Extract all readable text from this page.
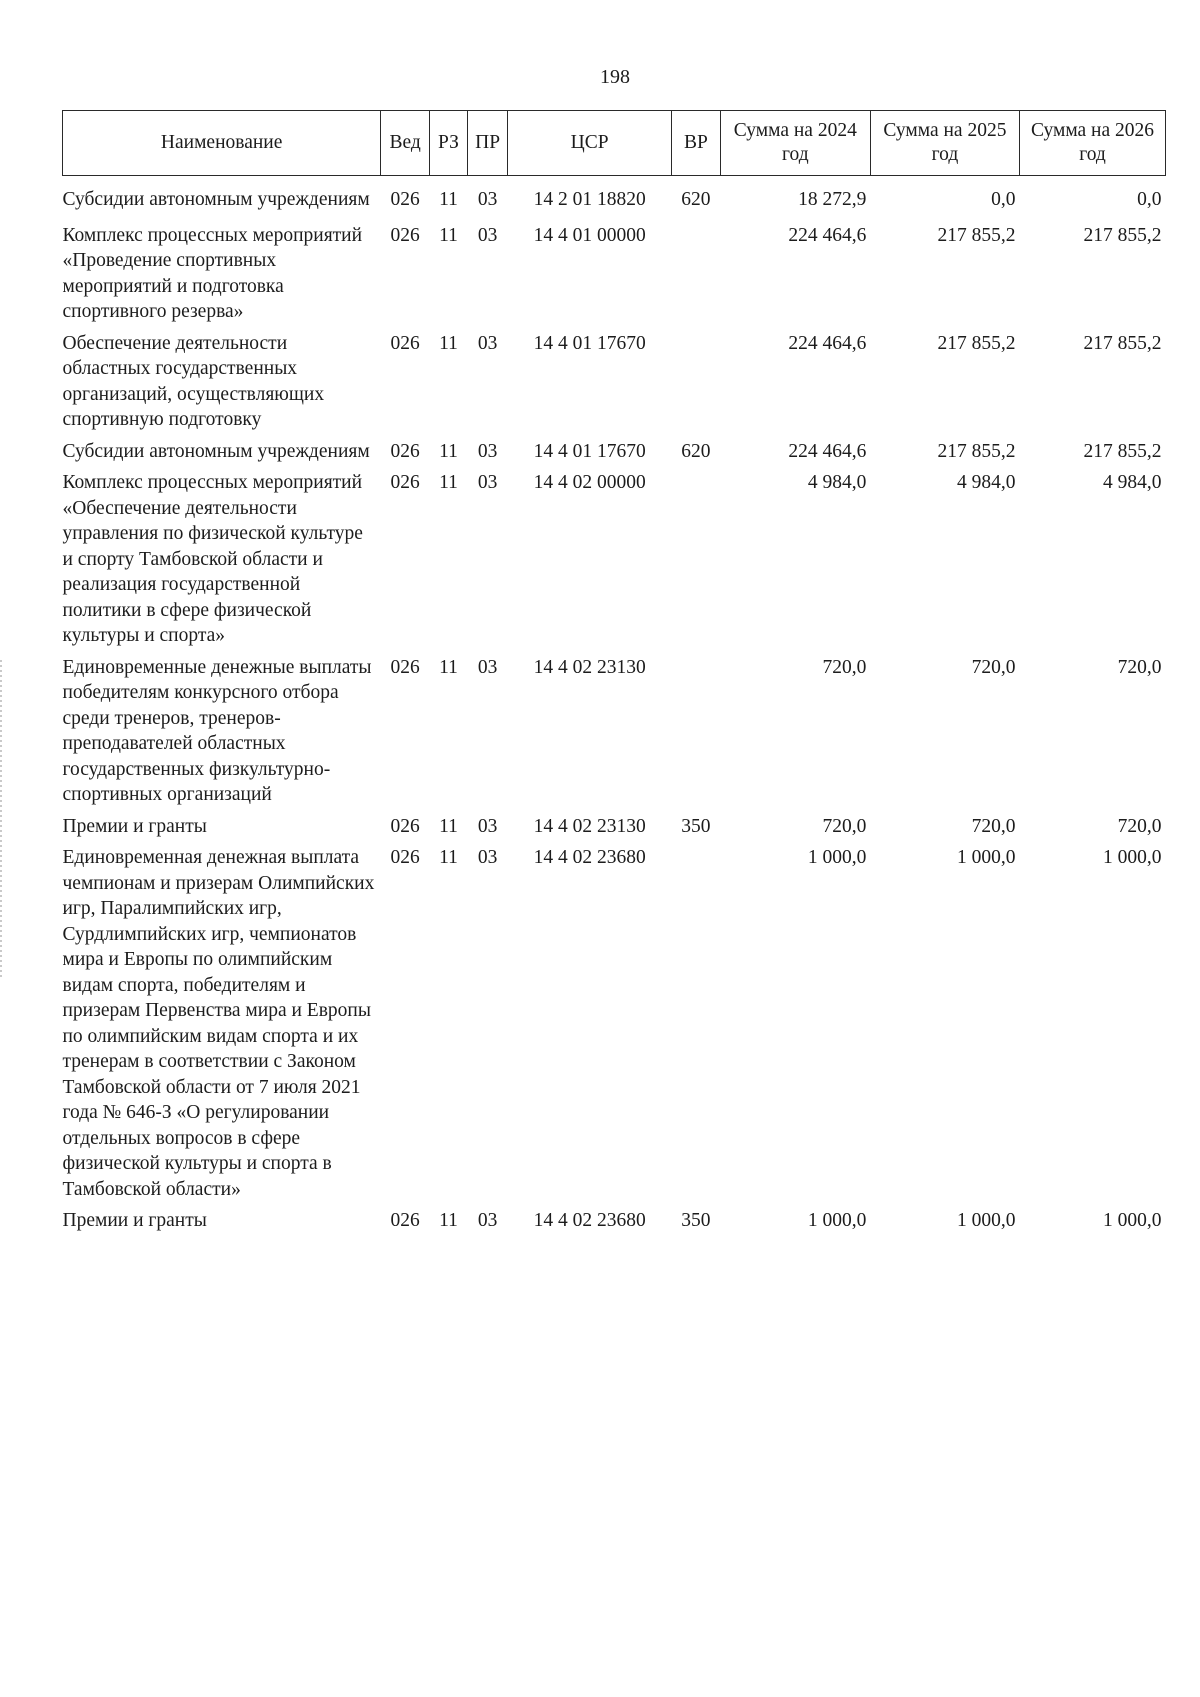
198
Наименование	Вед	РЗ	ПР	ЦСР	ВР	Сумма на 2024 год	Сумма на 2025 год	Сумма на 2026 год
Субсидии автономным учреждениям	026	11	03	14 2 01 18820	620	18 272,9	0,0	0,0
Комплекс процессных мероприятий «Проведение спортивных мероприятий и подготовка спортивного резерва»	026	11	03	14 4 01 00000		224 464,6	217 855,2	217 855,2
Обеспечение деятельности областных государственных организаций, осуществляющих спортивную подготовку	026	11	03	14 4 01 17670		224 464,6	217 855,2	217 855,2
Субсидии автономным учреждениям	026	11	03	14 4 01 17670	620	224 464,6	217 855,2	217 855,2
Комплекс процессных мероприятий «Обеспечение деятельности управления по физической культуре и спорту Тамбовской области и реализация государственной политики в сфере физической культуры и спорта»	026	11	03	14 4 02 00000		4 984,0	4 984,0	4 984,0
Единовременные денежные выплаты победителям конкурсного отбора среди тренеров, тренеров-преподавателей областных государственных физкультурно-спортивных организаций	026	11	03	14 4 02 23130		720,0	720,0	720,0
Премии и гранты	026	11	03	14 4 02 23130	350	720,0	720,0	720,0
Единовременная денежная выплата чемпионам и призерам Олимпийских игр, Паралимпийских игр, Сурдлимпийских игр, чемпионатов мира и Европы по олимпийским видам спорта, победителям и призерам Первенства мира и Европы по олимпийским видам спорта и их тренерам в соответствии с Законом Тамбовской области от 7 июля 2021 года № 646-З «О регулировании отдельных вопросов в сфере физической культуры и спорта в Тамбовской области»	026	11	03	14 4 02 23680		1 000,0	1 000,0	1 000,0
Премии и гранты	026	11	03	14 4 02 23680	350	1 000,0	1 000,0	1 000,0
